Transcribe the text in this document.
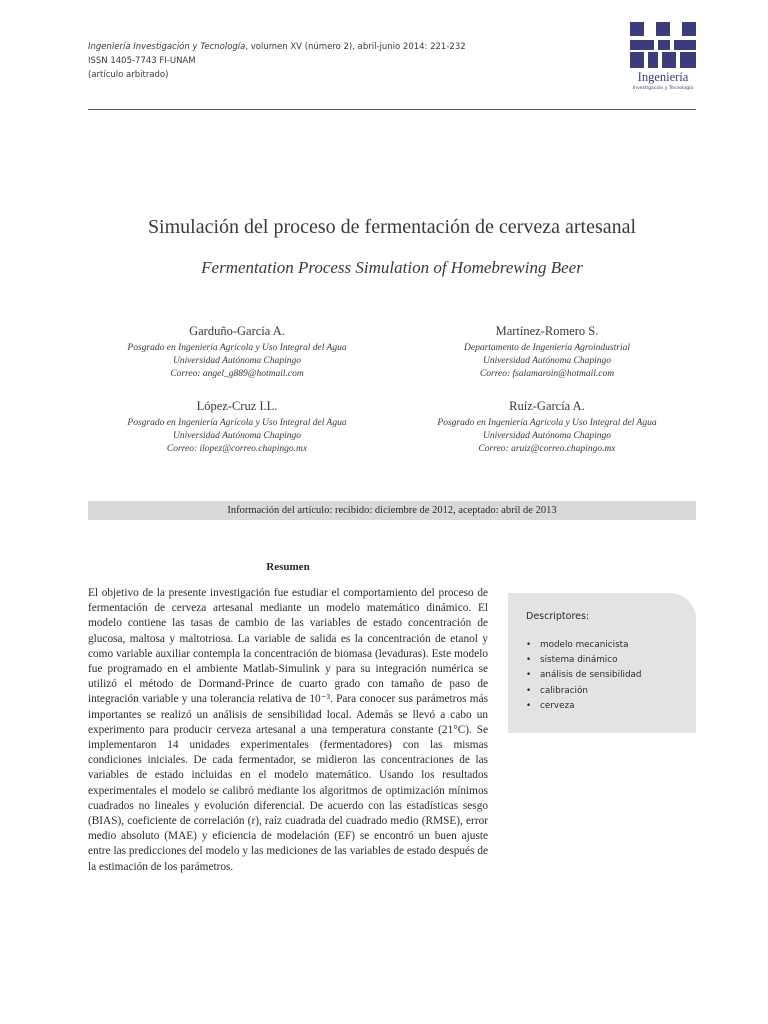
Ingeniería Investigación y Tecnología, volumen XV (número 2), abril-junio 2014: 221-232
ISSN 1405-7743 FI-UNAM
(artículo arbitrado)	Ingeniería
Investigación y Tecnología
Simulación del proceso de fermentación de cerveza artesanal
Fermentation Process Simulation of Homebrewing Beer
Garduño-García A.
Posgrado en Ingeniería Agrícola y Uso Integral del Agua
Universidad Autónoma Chapingo
Correo: angel_g889@hotmail.com
Martínez-Romero S.
Departamento de Ingeniería Agroindustrial
Universidad Autónoma Chapingo
Correo: fsalamaroin@hotmail.com
López-Cruz I.L.
Posgrado en Ingeniería Agrícola y Uso Integral del Agua
Universidad Autónoma Chapingo
Correo: ilopez@correo.chapingo.mx
Ruíz-García A.
Posgrado en Ingeniería Agrícola y Uso Integral del Agua
Universidad Autónoma Chapingo
Correo: aruiz@correo.chapingo.mx
Información del artículo: recibido: diciembre de 2012, aceptado: abril de 2013
Resumen
El objetivo de la presente investigación fue estudiar el comportamiento del proceso de fermentación de cerveza artesanal mediante un modelo matemático dinámico. El modelo contiene las tasas de cambio de las variables de estado concentración de glucosa, maltosa y maltotriosa. La variable de salida es la concentración de etanol y como variable auxiliar contempla la concentración de biomasa (levaduras). Este modelo fue programado en el ambiente Matlab-Simulink y para su integración numérica se utilizó el método de Dormand-Prince de cuarto grado con tamaño de paso de integración variable y una tolerancia relativa de 10⁻³. Para conocer sus parámetros más importantes se realizó un análisis de sensibilidad local. Además se llevó a cabo un experimento para producir cerveza artesanal a una temperatura constante (21°C). Se implementaron 14 unidades experimentales (fermentadores) con las mismas condiciones iniciales. De cada fermentador, se midieron las concentraciones de las variables de estado incluidas en el modelo matemático. Usando los resultados experimentales el modelo se calibró mediante los algoritmos de optimización mínimos cuadrados no lineales y evolución diferencial. De acuerdo con las estadísticas sesgo (BIAS), coeficiente de correlación (r), raíz cuadrada del cuadrado medio (RMSE), error medio absoluto (MAE) y eficiencia de modelación (EF) se encontró un buen ajuste entre las predicciones del modelo y las mediciones de las variables de estado después de la estimación de los parámetros.
Descriptores:
• modelo mecanicista
• sistema dinámico
• análisis de sensibilidad
• calibración
• cerveza
